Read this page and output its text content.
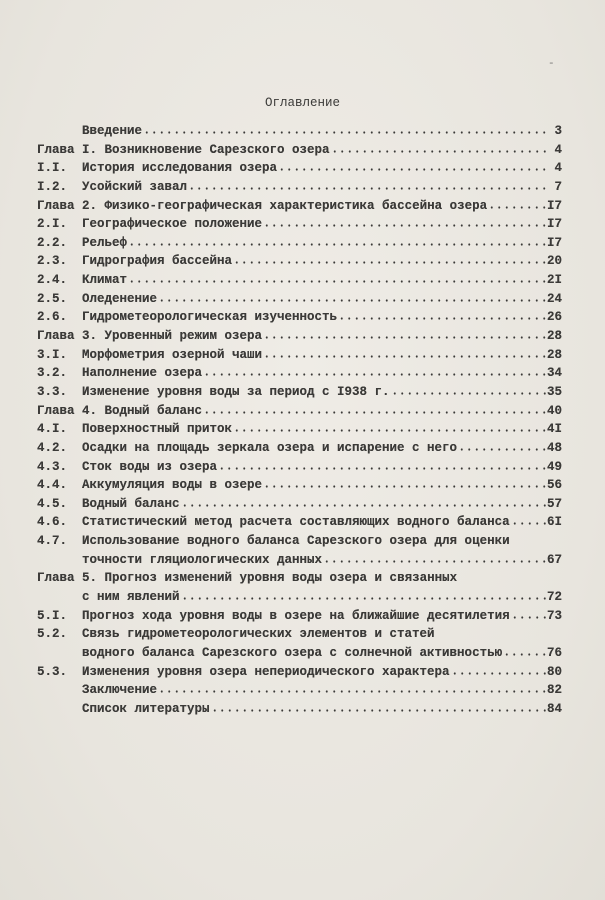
-
Оглавление
Введение	3
Глава I. Возникновение Сарезского озера	4
I.I.	История исследования озера	4
I.2.	Усойский завал	7
Глава 2. Физико-географическая характеристика бассейна озера	I7
2.I.	Географическое положение	I7
2.2.	Рельеф	I7
2.3.	Гидрография бассейна	20
2.4.	Климат	2I
2.5.	Оледенение	24
2.6.	Гидрометеорологическая изученность	26
Глава 3. Уровенный режим озера	28
3.I.	Морфометрия озерной чаши	28
3.2.	Наполнение озера	34
3.3.	Изменение уровня воды за период с I938 г.	35
Глава 4. Водный баланс	40
4.I.	Поверхностный приток	4I
4.2.	Осадки на площадь зеркала озера и испарение с него	48
4.3.	Сток воды из озера	49
4.4.	Аккумуляция воды в озере	56
4.5.	Водный баланс	57
4.6.	Статистический метод расчета составляющих водного баланса	6I
4.7.	Использование водного баланса Сарезского озера для оценки
точности гляциологических данных	67
Глава 5. Прогноз изменений уровня воды озера и связанных
с ним явлений	72
5.I.	Прогноз хода уровня воды в озере на ближайшие десятилетия	73
5.2.	Связь гидрометеорологических элементов и статей
водного баланса Сарезского озера с солнечной активностью	76
5.3.	Изменения уровня озера непериодического характера	80
Заключение	82
Список литературы	84
